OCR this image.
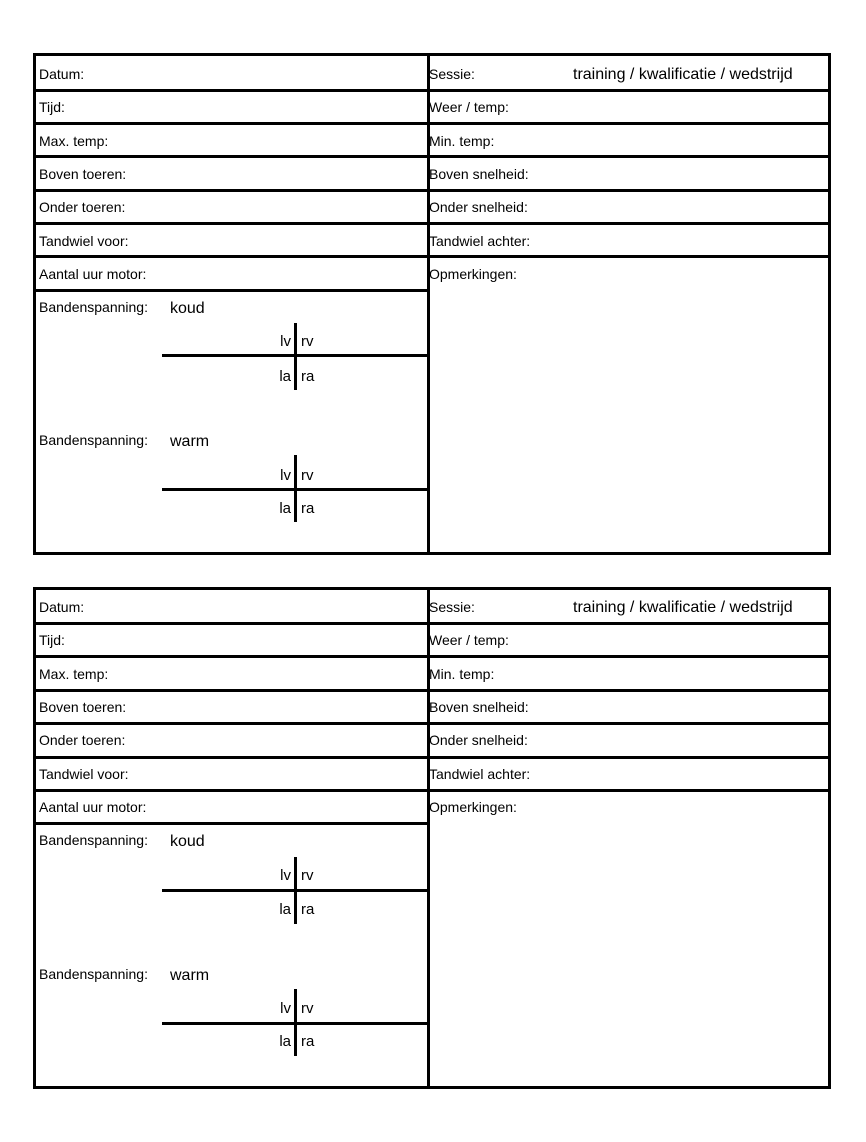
Datum:	Sessie:	training / kwalificatie / wedstrijd
Tijd:	Weer / temp:
Max. temp:	Min. temp:
Boven toeren:	Boven snelheid:
Onder toeren:	Onder snelheid:
Tandwiel voor:	Tandwiel achter:
Aantal uur motor:	Opmerkingen:
Bandenspanning: koud
lv rv
la ra
Bandenspanning: warm
lv rv
la ra
Datum:	Sessie:	training / kwalificatie / wedstrijd
Tijd:	Weer / temp:
Max. temp:	Min. temp:
Boven toeren:	Boven snelheid:
Onder toeren:	Onder snelheid:
Tandwiel voor:	Tandwiel achter:
Aantal uur motor:	Opmerkingen:
Bandenspanning: koud
lv rv
la ra
Bandenspanning: warm
lv rv
la ra
